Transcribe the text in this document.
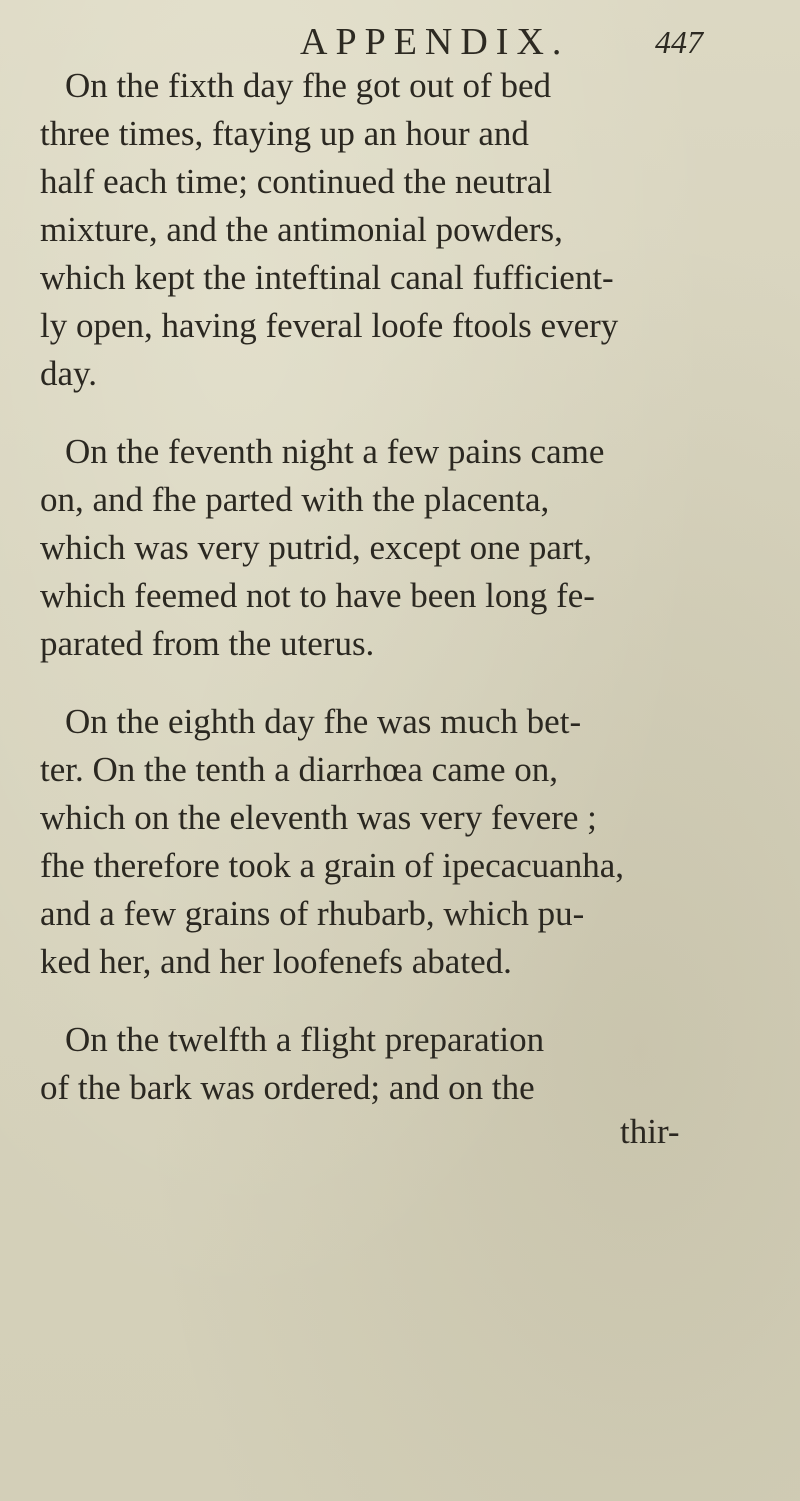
APPENDIX.	447
On the fixth day fhe got out of bed
three times, ftaying up an hour and
half each time; continued the neutral
mixture, and the antimonial powders,
which kept the inteftinal canal fufficient-
ly open, having feveral loofe ftools every
day.
On the feventh night a few pains came
on, and fhe parted with the placenta,
which was very putrid, except one part,
which feemed not to have been long fe-
parated from the uterus.
On the eighth day fhe was much bet-
ter. On the tenth a diarrhœa came on,
which on the eleventh was very fevere ;
fhe therefore took a grain of ipecacuanha,
and a few grains of rhubarb, which pu-
ked her, and her loofenefs abated.
On the twelfth a flight preparation
of the bark was ordered; and on the
thir-
